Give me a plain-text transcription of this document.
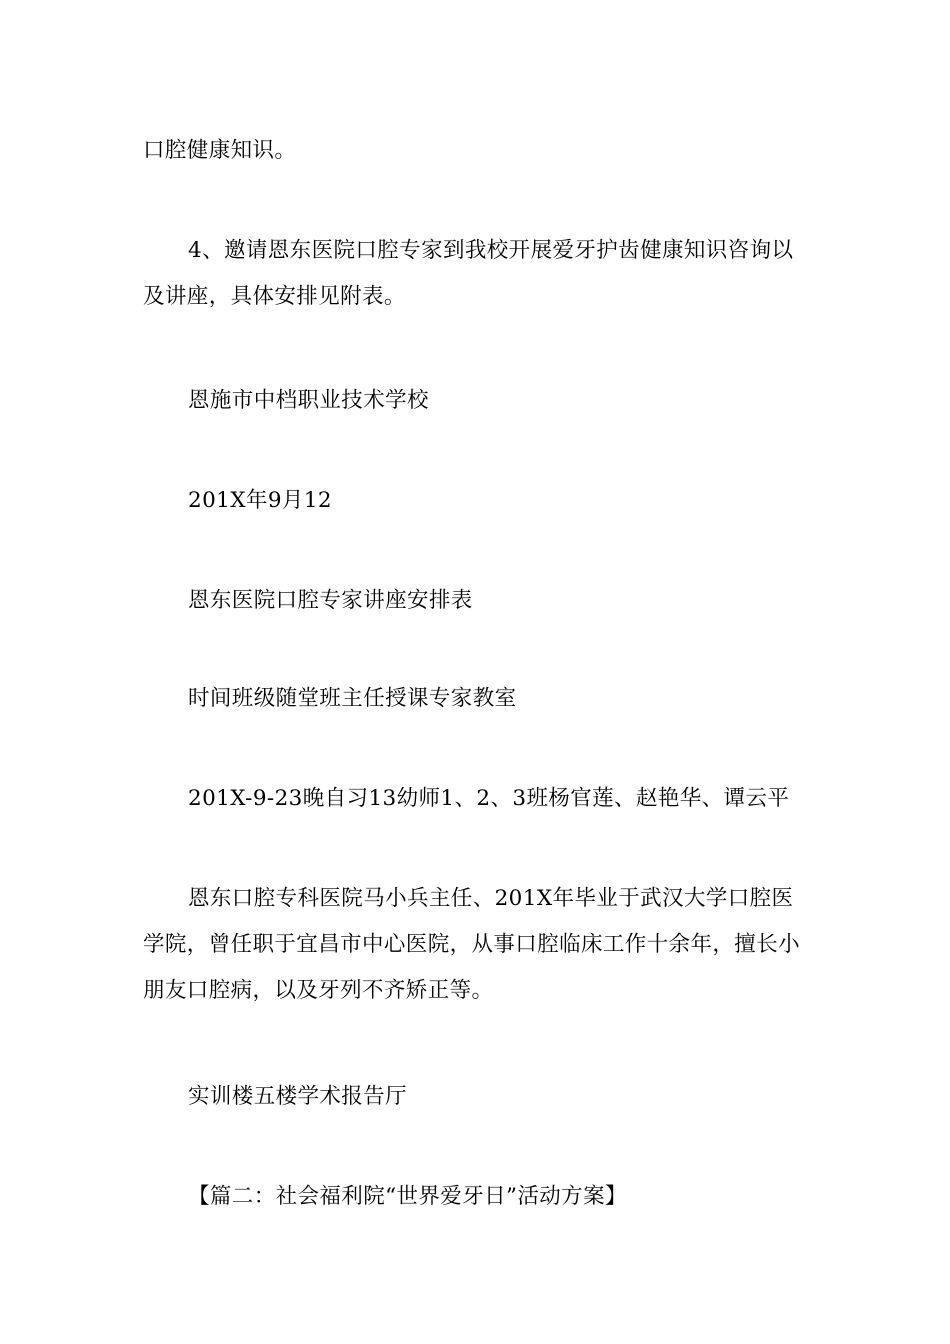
口腔健康知识。

4、邀请恩东医院口腔专家到我校开展爱牙护齿健康知识咨询以及讲座，具体安排见附表。

恩施市中档职业技术学校

201X年9月12

恩东医院口腔专家讲座安排表

时间班级随堂班主任授课专家教室

201X-9-23晚自习13幼师1、2、3班杨官莲、赵艳华、谭云平

恩东口腔专科医院马小兵主任、201X年毕业于武汉大学口腔医学院，曾任职于宜昌市中心医院，从事口腔临床工作十余年，擅长小朋友口腔病，以及牙列不齐矫正等。

实训楼五楼学术报告厅

【篇二：社会福利院“世界爱牙日”活动方案】
